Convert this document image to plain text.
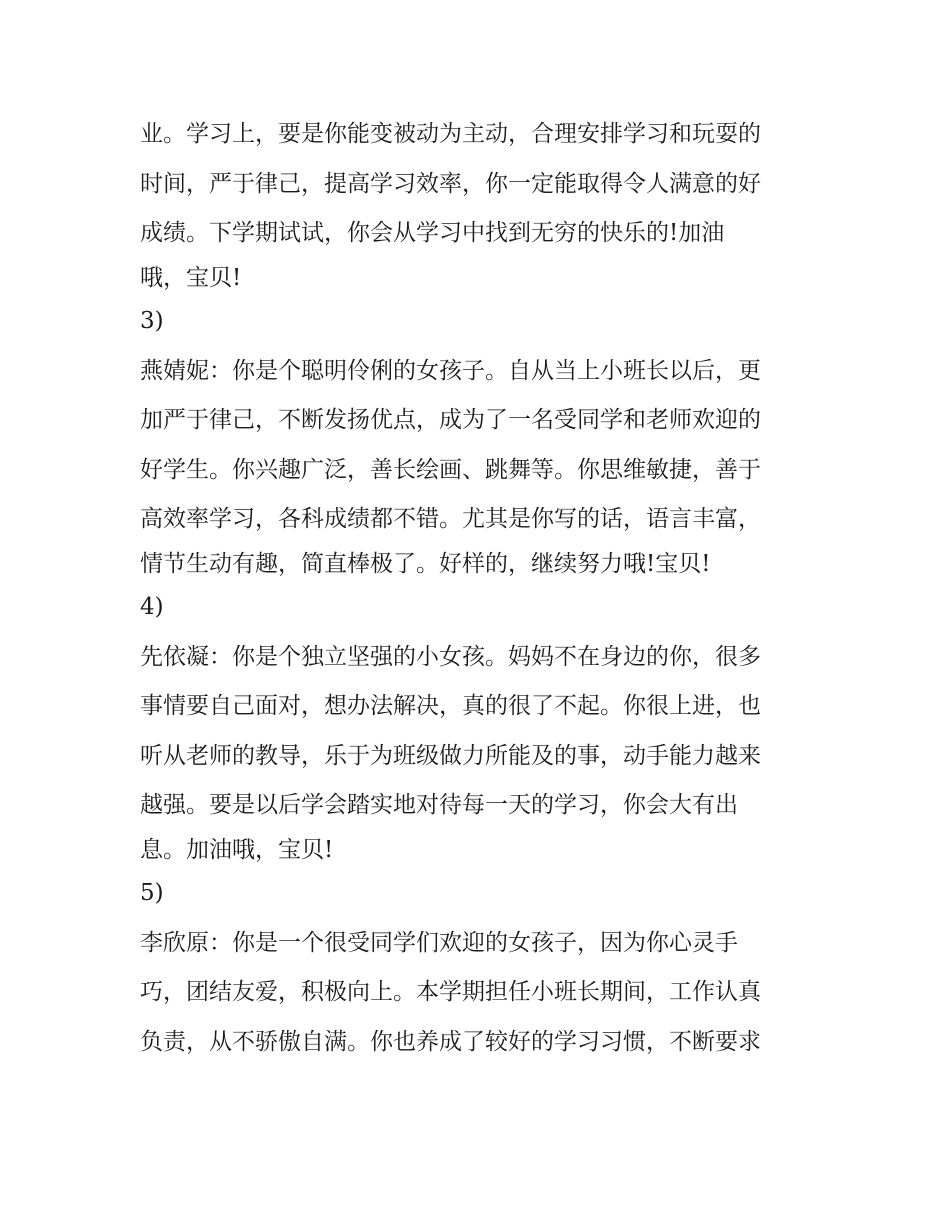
业。学习上，要是你能变被动为主动，合理安排学习和玩耍的
时间，严于律己，提高学习效率，你一定能取得令人满意的好
成绩。下学期试试，你会从学习中找到无穷的快乐的!加油
哦，宝贝!
3)
燕婧妮：你是个聪明伶俐的女孩子。自从当上小班长以后，更
加严于律己，不断发扬优点，成为了一名受同学和老师欢迎的
好学生。你兴趣广泛，善长绘画、跳舞等。你思维敏捷，善于
高效率学习，各科成绩都不错。尤其是你写的话，语言丰富，
情节生动有趣，简直棒极了。好样的，继续努力哦!宝贝!
4)
先依凝：你是个独立坚强的小女孩。妈妈不在身边的你，很多
事情要自己面对，想办法解决，真的很了不起。你很上进，也
听从老师的教导，乐于为班级做力所能及的事，动手能力越来
越强。要是以后学会踏实地对待每一天的学习，你会大有出
息。加油哦，宝贝!
5)
李欣原：你是一个很受同学们欢迎的女孩子，因为你心灵手
巧，团结友爱，积极向上。本学期担任小班长期间，工作认真
负责，从不骄傲自满。你也养成了较好的学习习惯，不断要求
